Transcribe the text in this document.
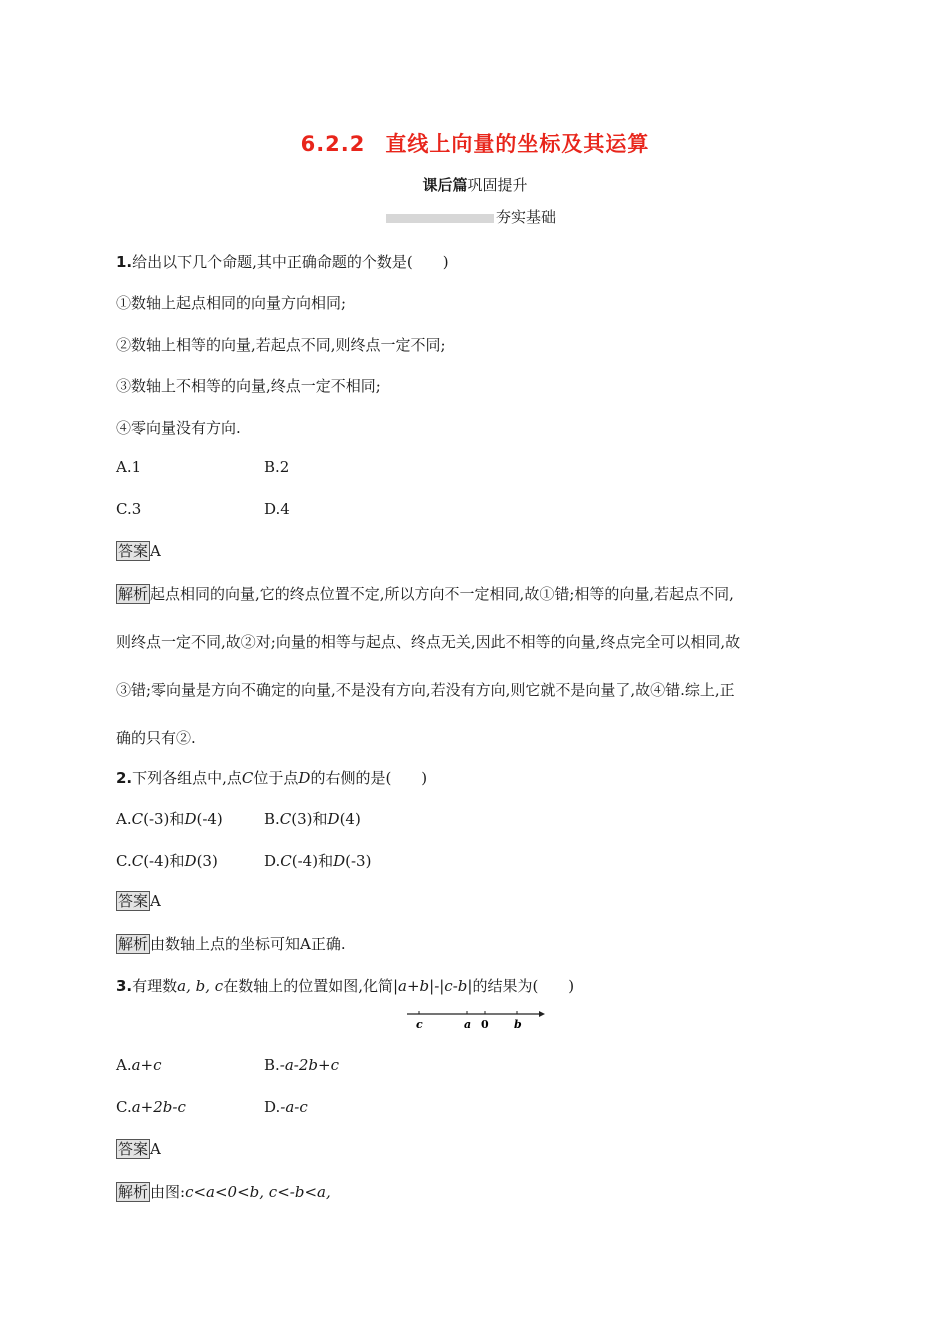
6.2.2 直线上向量的坐标及其运算
课后篇巩固提升
夯实基础
1.给出以下几个命题,其中正确命题的个数是(　　)
①数轴上起点相同的向量方向相同;
②数轴上相等的向量,若起点不同,则终点一定不同;
③数轴上不相等的向量,终点一定不相同;
④零向量没有方向.
A.1	B.2
C.3	D.4
答案 A
解析 起点相同的向量,它的终点位置不定,所以方向不一定相同,故①错;相等的向量,若起点不同,
则终点一定不同,故②对;向量的相等与起点、终点无关,因此不相等的向量,终点完全可以相同,故
③错;零向量是方向不确定的向量,不是没有方向,若没有方向,则它就不是向量了,故④错.综上,正
确的只有②.
2.下列各组点中,点C位于点D的右侧的是(　　)
A.C(-3)和D(-4)	B.C(3)和D(4)
C.C(-4)和D(3)	D.C(-4)和D(-3)
答案 A
解析 由数轴上点的坐标可知A正确.
3.有理数a, b, c在数轴上的位置如图,化简|a+b|-|c-b|的结果为(　　)
c	a 0 b
A.a+c	B.-a-2b+c
C.a+2b-c	D.-a-c
答案 A
解析 由图:c<a<0<b, c<-b<a,
